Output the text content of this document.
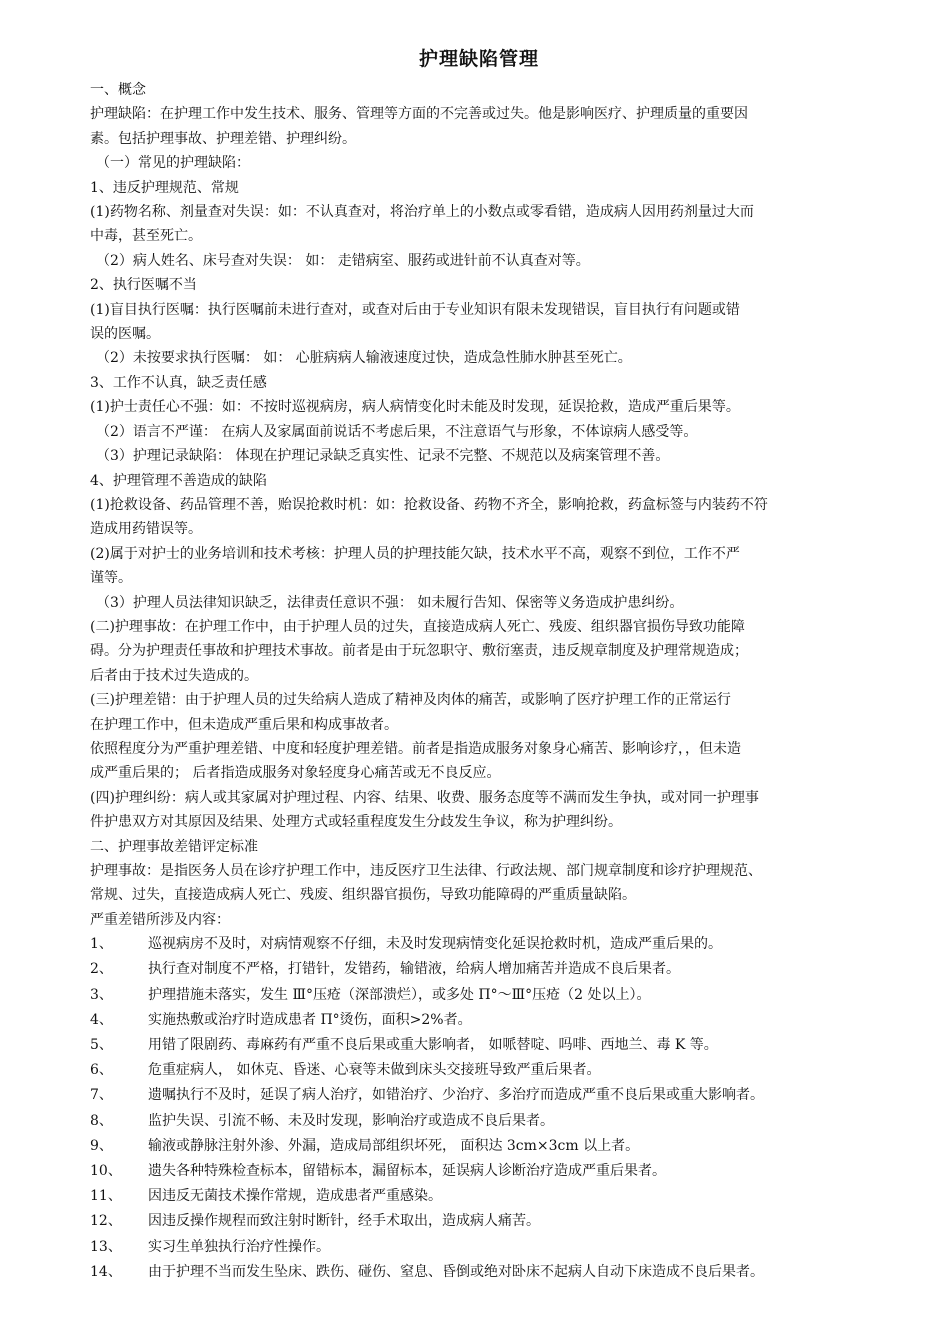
护理缺陷管理
一、概念
护理缺陷：在护理工作中发生技术、服务、管理等方面的不完善或过失。他是影响医疗、护理质量的重要因
素。包括护理事故、护理差错、护理纠纷。
（一）常见的护理缺陷：
1、违反护理规范、常规
(1)药物名称、剂量查对失误：如：不认真查对，将治疗单上的小数点或零看错，造成病人因用药剂量过大而
中毒，甚至死亡。
（2）病人姓名、床号查对失误： 如： 走错病室、服药或进针前不认真查对等。
2、执行医嘱不当
(1)盲目执行医嘱：执行医嘱前未进行查对，或查对后由于专业知识有限未发现错误，盲目执行有问题或错
误的医嘱。
（2）未按要求执行医嘱： 如： 心脏病病人输液速度过快，造成急性肺水肿甚至死亡。
3、工作不认真，缺乏责任感
(1)护士责任心不强：如：不按时巡视病房，病人病情变化时未能及时发现，延误抢救，造成严重后果等。
（2）语言不严谨： 在病人及家属面前说话不考虑后果，不注意语气与形象，不体谅病人感受等。
（3）护理记录缺陷： 体现在护理记录缺乏真实性、记录不完整、不规范以及病案管理不善。
4、护理管理不善造成的缺陷
(1)抢救设备、药品管理不善，贻误抢救时机：如：抢救设备、药物不齐全，影响抢救，药盒标签与内装药不符
造成用药错误等。
(2)属于对护士的业务培训和技术考核：护理人员的护理技能欠缺，技术水平不高，观察不到位，工作不严
谨等。
（3）护理人员法律知识缺乏，法律责任意识不强： 如未履行告知、保密等义务造成护患纠纷。
(二)护理事故：在护理工作中，由于护理人员的过失，直接造成病人死亡、残废、组织器官损伤导致功能障
碍。分为护理责任事故和护理技术事故。前者是由于玩忽职守、敷衍塞责，违反规章制度及护理常规造成；
后者由于技术过失造成的。
(三)护理差错：由于护理人员的过失给病人造成了精神及肉体的痛苦，或影响了医疗护理工作的正常运行
在护理工作中，但未造成严重后果和构成事故者。
依照程度分为严重护理差错、中度和轻度护理差错。前者是指造成服务对象身心痛苦、影响诊疗，，但未造
成严重后果的； 后者指造成服务对象轻度身心痛苦或无不良反应。
(四)护理纠纷：病人或其家属对护理过程、内容、结果、收费、服务态度等不满而发生争执，或对同一护理事
件护患双方对其原因及结果、处理方式或轻重程度发生分歧发生争议，称为护理纠纷。
二、护理事故差错评定标准
护理事故：是指医务人员在诊疗护理工作中，违反医疗卫生法律、行政法规、部门规章制度和诊疗护理规范、
常规、过失，直接造成病人死亡、残废、组织器官损伤，导致功能障碍的严重质量缺陷。
严重差错所涉及内容：
1、	巡视病房不及时，对病情观察不仔细，未及时发现病情变化延误抢救时机，造成严重后果的。
2、	执行查对制度不严格，打错针，发错药，输错液，给病人增加痛苦并造成不良后果者。
3、	护理措施未落实，发生 Ⅲ°压疮（深部溃烂），或多处 Π°～Ⅲ°压疮（2 处以上）。
4、	实施热敷或治疗时造成患者 Π°烫伤，面积>2%者。
5、	用错了限剧药、毒麻药有严重不良后果或重大影响者， 如哌替啶、吗啡、西地兰、毒 K 等。
6、	危重症病人， 如休克、昏迷、心衰等未做到床头交接班导致严重后果者。
7、	遗嘱执行不及时，延误了病人治疗，如错治疗、少治疗、多治疗而造成严重不良后果或重大影响者。
8、	监护失误、引流不畅、未及时发现，影响治疗或造成不良后果者。
9、	输液或静脉注射外渗、外漏，造成局部组织坏死， 面积达 3cm×3cm 以上者。
10、	遗失各种特殊检查标本，留错标本，漏留标本，延误病人诊断治疗造成严重后果者。
11、	因违反无菌技术操作常规，造成患者严重感染。
12、	因违反操作规程而致注射时断针，经手术取出，造成病人痛苦。
13、	实习生单独执行治疗性操作。
14、	由于护理不当而发生坠床、跌伤、碰伤、窒息、昏倒或绝对卧床不起病人自动下床造成不良后果者。
